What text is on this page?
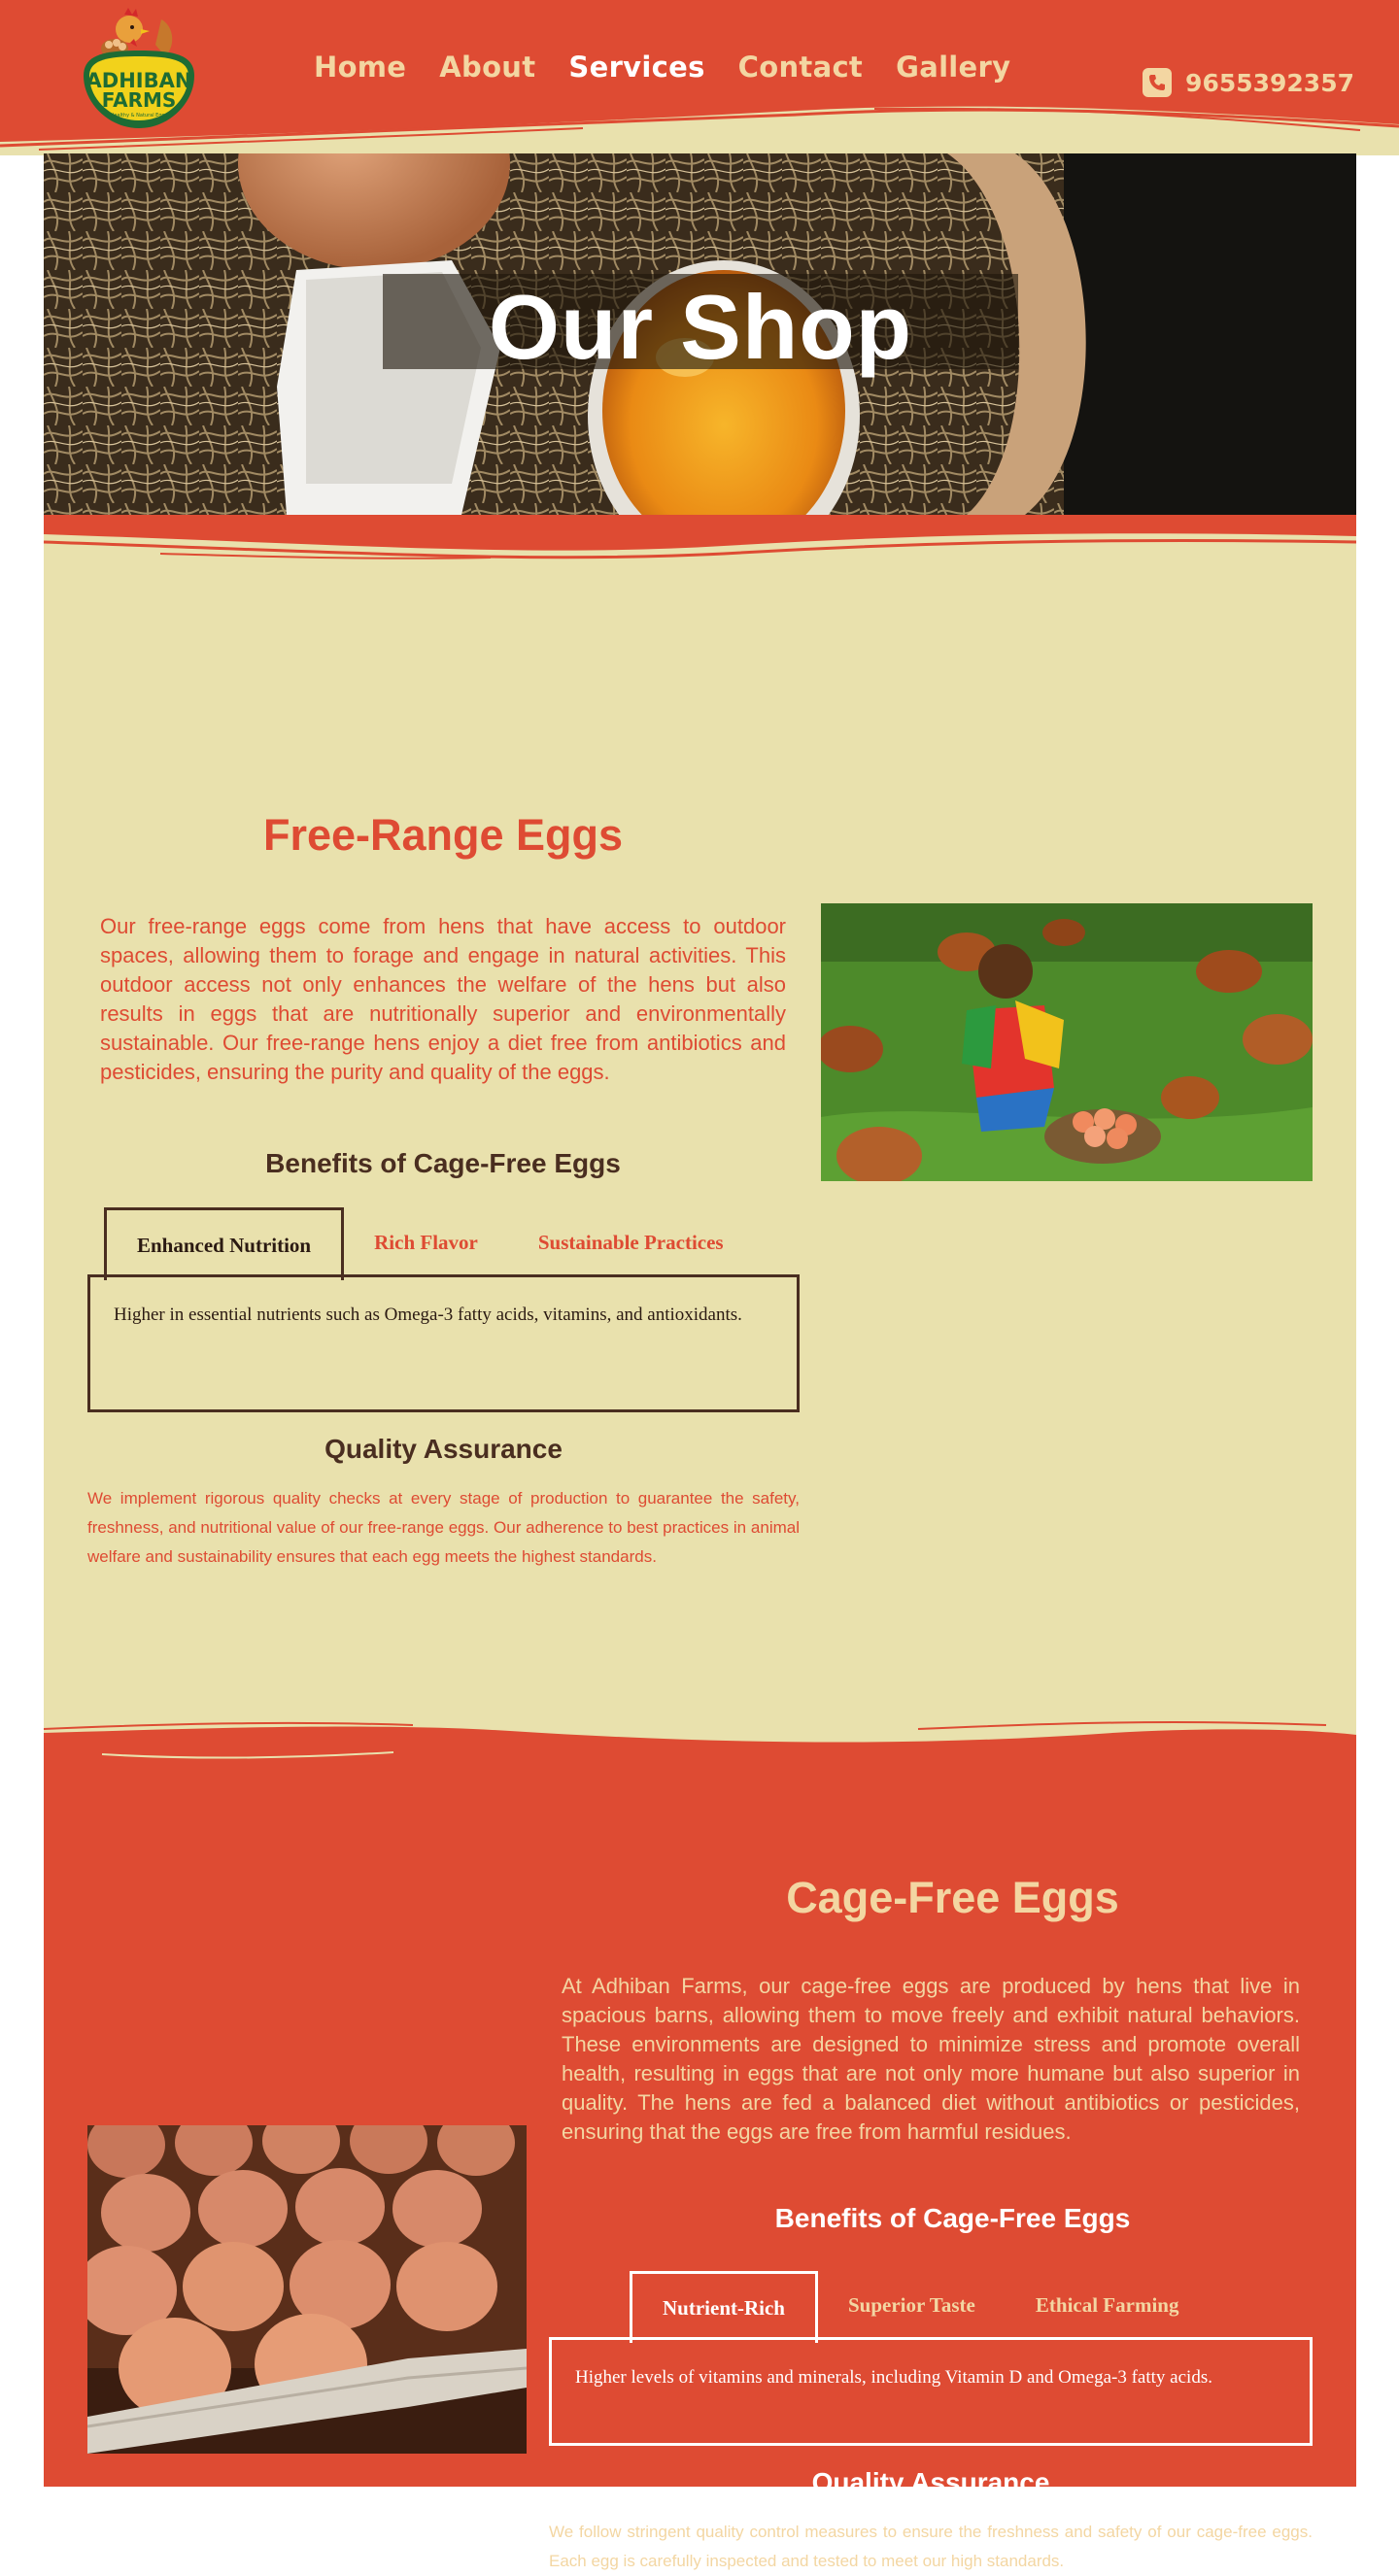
ADHIBAN
FARMS
Healthy & Natural Eggs
Home About Services Contact Gallery	9655392357
Our Shop
Free-Range Eggs

Our free-range eggs come from hens that have access to outdoor spaces, allowing them to forage and engage in natural activities. This outdoor access not only enhances the welfare of the hens but also results in eggs that are nutritionally superior and environmentally sustainable. Our free-range hens enjoy a diet free from antibiotics and pesticides, ensuring the purity and quality of the eggs.

Benefits of Cage-Free Eggs
Enhanced Nutrition	Rich Flavor	Sustainable Practices
Higher in essential nutrients such as Omega-3 fatty acids, vitamins, and antioxidants.
Quality Assurance

We implement rigorous quality checks at every stage of production to guarantee the safety, freshness, and nutritional value of our free-range eggs. Our adherence to best practices in animal welfare and sustainability ensures that each egg meets the highest standards.

Cage-Free Eggs

At Adhiban Farms, our cage-free eggs are produced by hens that live in spacious barns, allowing them to move freely and exhibit natural behaviors. These environments are designed to minimize stress and promote overall health, resulting in eggs that are not only more humane but also superior in quality. The hens are fed a balanced diet without antibiotics or pesticides, ensuring that the eggs are free from harmful residues.

Benefits of Cage-Free Eggs
Nutrient-Rich	Superior Taste	Ethical Farming
Higher levels of vitamins and minerals, including Vitamin D and Omega-3 fatty acids.
Quality Assurance

We follow stringent quality control measures to ensure the freshness and safety of our cage-free eggs. Each egg is carefully inspected and tested to meet our high standards.
